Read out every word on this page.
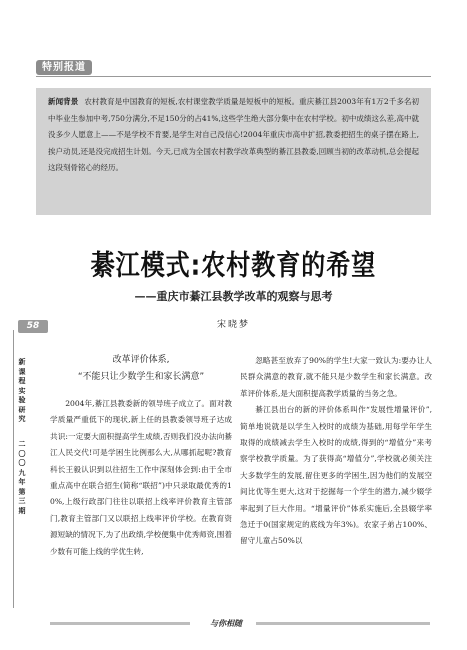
特别报道
新闻背景 农村教育是中国教育的短板,农村课堂教学质量是短板中的短板。重庆綦江县2003年有1万2千多名初中毕业生参加中考,750分满分,不足150分的占41%,这些学生绝大部分集中在农村学校。初中成绩这么差,高中就没多少人愿意上——不是学校不肯要,是学生对自己没信心!2004年重庆市高中扩招,教委把招生的桌子摆在路上,挨户动员,还是没完成招生计划。今天,已成为全国农村教学改革典型的綦江县教委,回顾当初的改革动机,总会提起这段刻骨铭心的经历。
綦江模式:农村教育的希望
——重庆市綦江县教学改革的观察与思考
宋晓梦
58
新课程实验研究
二〇〇九年第三期
改革评价体系,
“不能只让少数学生和家长满意”

2004年,綦江县教委新的领导班子成立了。面对教学质量严重低下的现状,新上任的县教委领导班子达成共识:一定要大面积提高学生成绩,否则我们没办法向綦江人民交代!可是学困生比例那么大,从哪抓起呢?教育科长王毅认识到以往招生工作中深刻体会到:由于全市重点高中在联合招生(简称“联招”)中只录取最优秀的10%,上级行政部门往往以联招上线率评价教育主管部门,教育主管部门又以联招上线率评价学校。在教育资源短缺的情况下,为了出政绩,学校便集中优秀师资,围着少数有可能上线的学优生转,

忽略甚至放弃了90%的学生!大家一致认为:要办让人民群众满意的教育,就不能只是少数学生和家长满意。改革评价体系,是大面积提高教学质量的当务之急。

綦江县出台的新的评价体系叫作“发展性增量评价”,简单地说就是以学生入校时的成绩为基础,用每学年学生取得的成绩减去学生入校时的成绩,得到的“增值分”来考察学校教学质量。为了获得高“增值分”,学校就必须关注大多数学生的发展,留住更多的学困生,因为他们的发展空间比优等生更大,这对于挖掘每一个学生的潜力,减少辍学率起到了巨大作用。“增量评价”体系实施后,全县辍学率急迁于0(国家规定的底线为年3%)。农家子弟占100%、留守儿童占50%以

与你相随
